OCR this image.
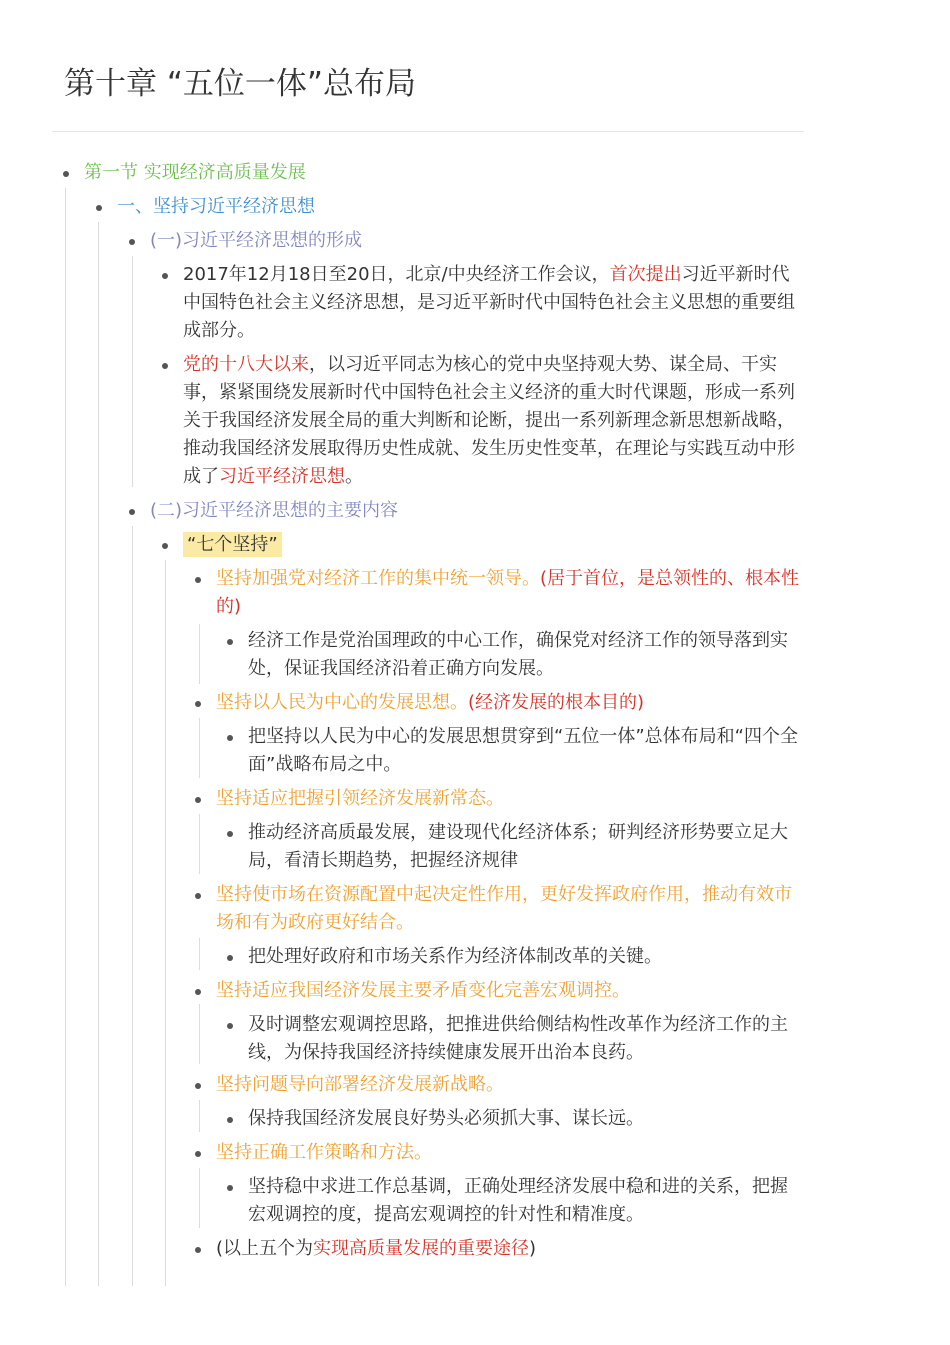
第十章 “五位一体”总布局
第一节 实现经济高质量发展
一、坚持习近平经济思想
(一)习近平经济思想的形成
2017年12月18日至20日，北京/中央经济工作会议，首次提出习近平新时代中国特色社会主义经济思想，是习近平新时代中国特色社会主义思想的重要组成部分。
党的十八大以来，以习近平同志为核心的党中央坚持观大势、谋全局、干实事，紧紧围绕发展新时代中国特色社会主义经济的重大时代课题，形成一系列关于我国经济发展全局的重大判断和论断，提出一系列新理念新思想新战略，推动我国经济发展取得历史性成就、发生历史性变革，在理论与实践互动中形成了习近平经济思想。
(二)习近平经济思想的主要内容
“七个坚持”
坚持加强党对经济工作的集中统一领导。(居于首位，是总领性的、根本性的)
经济工作是党治国理政的中心工作，确保党对经济工作的领导落到实处，保证我国经济沿着正确方向发展。
坚持以人民为中心的发展思想。(经济发展的根本目的)
把坚持以人民为中心的发展思想贯穿到“五位一体”总体布局和“四个全面”战略布局之中。
坚持适应把握引领经济发展新常态。
推动经济高质最发展，建设现代化经济体系；研判经济形势要立足大局，看清长期趋势，把握经济规律
坚持使市场在资源配置中起决定性作用，更好发挥政府作用，推动有效市场和有为政府更好结合。
把处理好政府和市场关系作为经济体制改革的关键。
坚持适应我国经济发展主要矛盾变化完善宏观调控。
及时调整宏观调控思路，把推进供给侧结构性改革作为经济工作的主线，为保持我国经济持续健康发展开出治本良药。
坚持问题导向部署经济发展新战略。
保持我国经济发展良好势头必须抓大事、谋长远。
坚持正确工作策略和方法。
坚持稳中求进工作总基调，正确处理经济发展中稳和进的关系，把握宏观调控的度，提高宏观调控的针对性和精准度。
(以上五个为实现高质量发展的重要途径)
